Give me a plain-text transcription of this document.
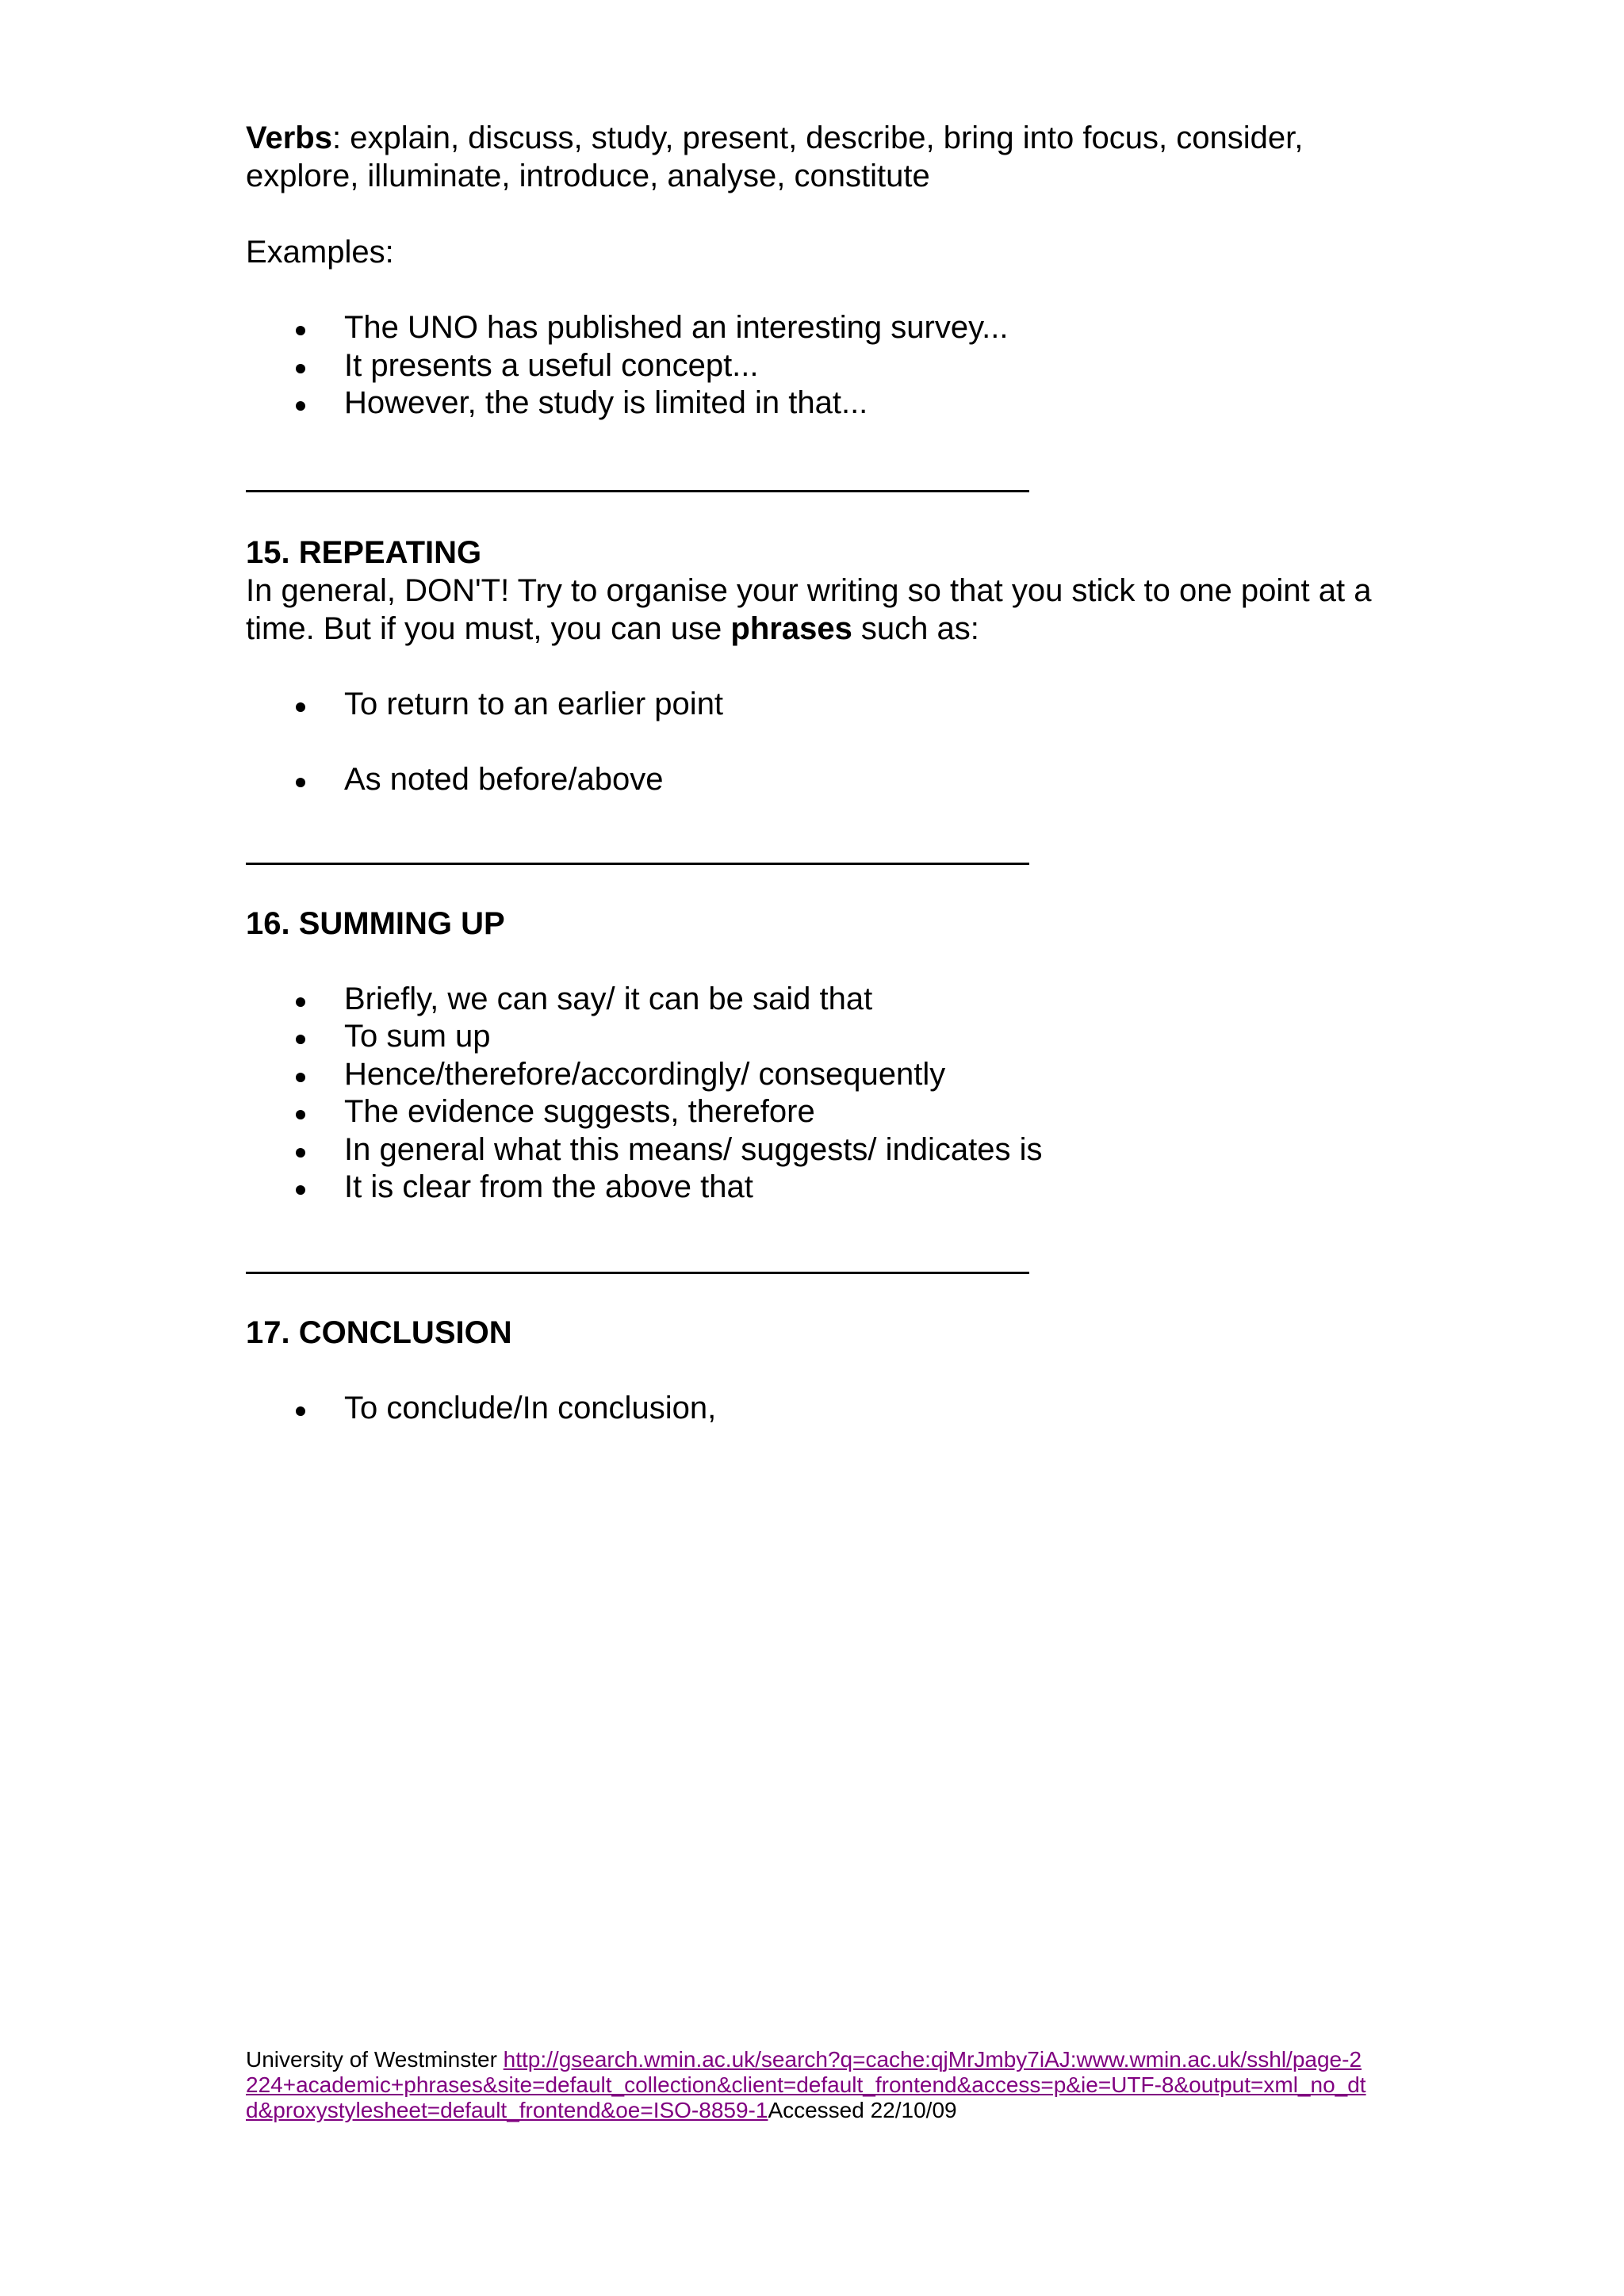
Verbs: explain, discuss, study, present, describe, bring into focus, consider, explore, illuminate, introduce, analyse, constitute

Examples:

The UNO has published an interesting survey...
It presents a useful concept...
However, the study is limited in that...
15. REPEATING

In general, DON'T! Try to organise your writing so that you stick to one point at a time. But if you must, you can use phrases such as:

To return to an earlier point
As noted before/above
16. SUMMING UP
Briefly, we can say/ it can be said that
To sum up
Hence/therefore/accordingly/ consequently
The evidence suggests, therefore
In general what this means/ suggests/ indicates is
It is clear from the above that
17. CONCLUSION
To conclude/In conclusion,
University of Westminster http://gsearch.wmin.ac.uk/search?q=cache:qjMrJmby7iAJ:www.wmin.ac.uk/sshl/page-2224+academic+phrases&site=default_collection&client=default_frontend&access=p&ie=UTF-8&output=xml_no_dtd&proxystylesheet=default_frontend&oe=ISO-8859-1Accessed 22/10/09
